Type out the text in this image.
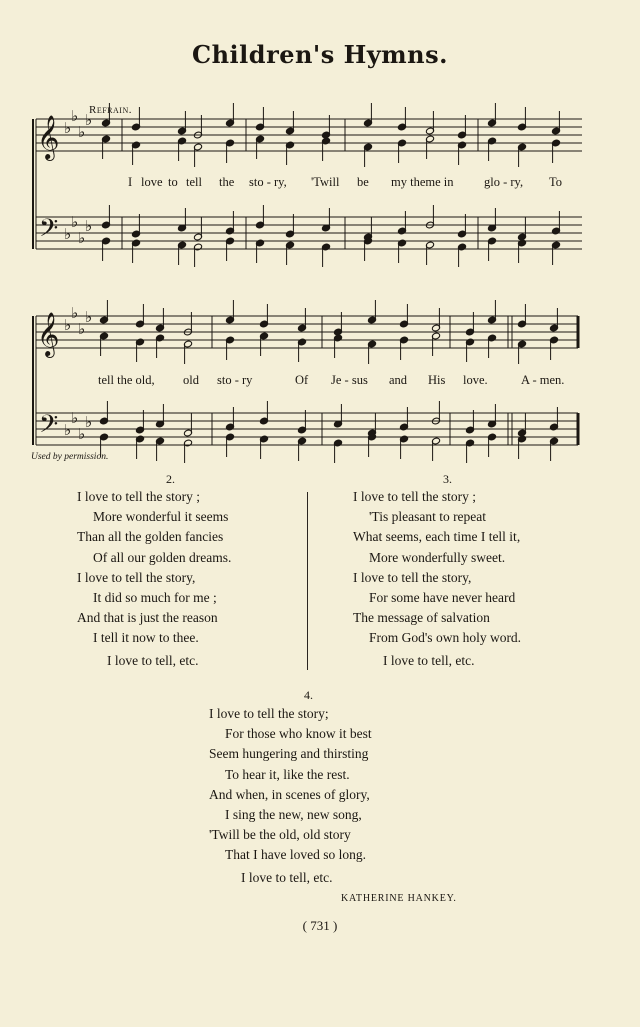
Children's Hymns.
Refrain.
𝄞
𝄢
♭
♭
♭
♭
♭
♭
♭
♭
𝄞
𝄢
♭
♭
♭
♭
♭
♭
♭
♭
I love to tell the sto - ry, 'Twill be my theme in glo - ry, To
tell the old, old sto - ry	Of Je - sus and His love.	A - men.
Used by permission.
2.
I love to tell the story ;
More wonderful it seems
Than all the golden fancies
Of all our golden dreams.
I love to tell the story,
It did so much for me ;
And that is just the reason
I tell it now to thee.
I love to tell, etc.
3.
I love to tell the story ;
'Tis pleasant to repeat
What seems, each time I tell it,
More wonderfully sweet.
I love to tell the story,
For some have never heard
The message of salvation
From God's own holy word.
I love to tell, etc.
4.
I love to tell the story;
For those who know it best
Seem hungering and thirsting
To hear it, like the rest.
And when, in scenes of glory,
I sing the new, new song,
'Twill be the old, old story
That I have loved so long.
I love to tell, etc.
KATHERINE HANKEY.
( 731 )
